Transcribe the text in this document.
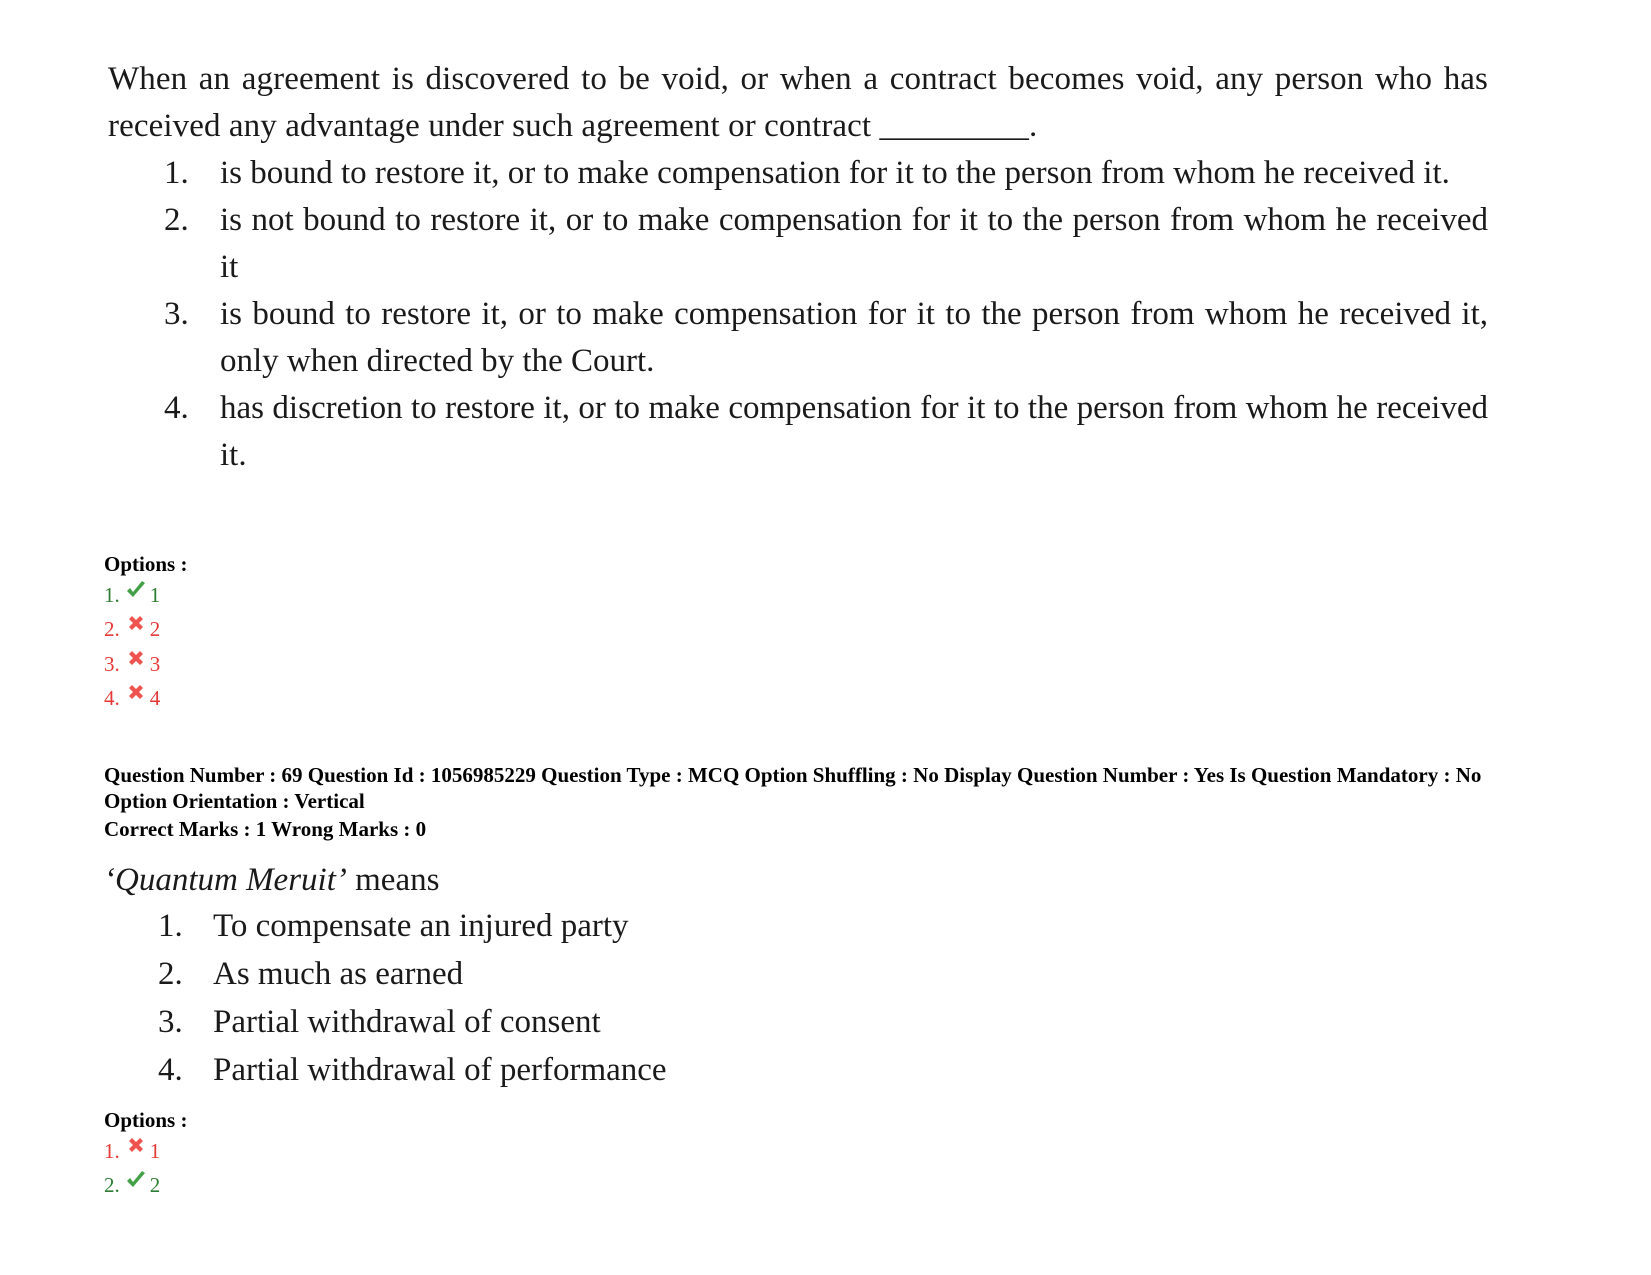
When an agreement is discovered to be void, or when a contract becomes void, any person who has received any advantage under such agreement or contract _________.

1. is bound to restore it, or to make compensation for it to the person from whom he received it.
2. is not bound to restore it, or to make compensation for it to the person from whom he received it
3. is bound to restore it, or to make compensation for it to the person from whom he received it, only when directed by the Court.
4. has discretion to restore it, or to make compensation for it to the person from whom he received it.
Options :
1. 1
2. 2
3. 3
4. 4
Question Number : 69 Question Id : 1056985229 Question Type : MCQ Option Shuffling : No Display Question Number : Yes Is Question Mandatory : No Option Orientation : Vertical
Correct Marks : 1 Wrong Marks : 0

‘Quantum Meruit’ means

1. To compensate an injured party
2. As much as earned
3. Partial withdrawal of consent
4. Partial withdrawal of performance
Options :
1. 1
2. 2
